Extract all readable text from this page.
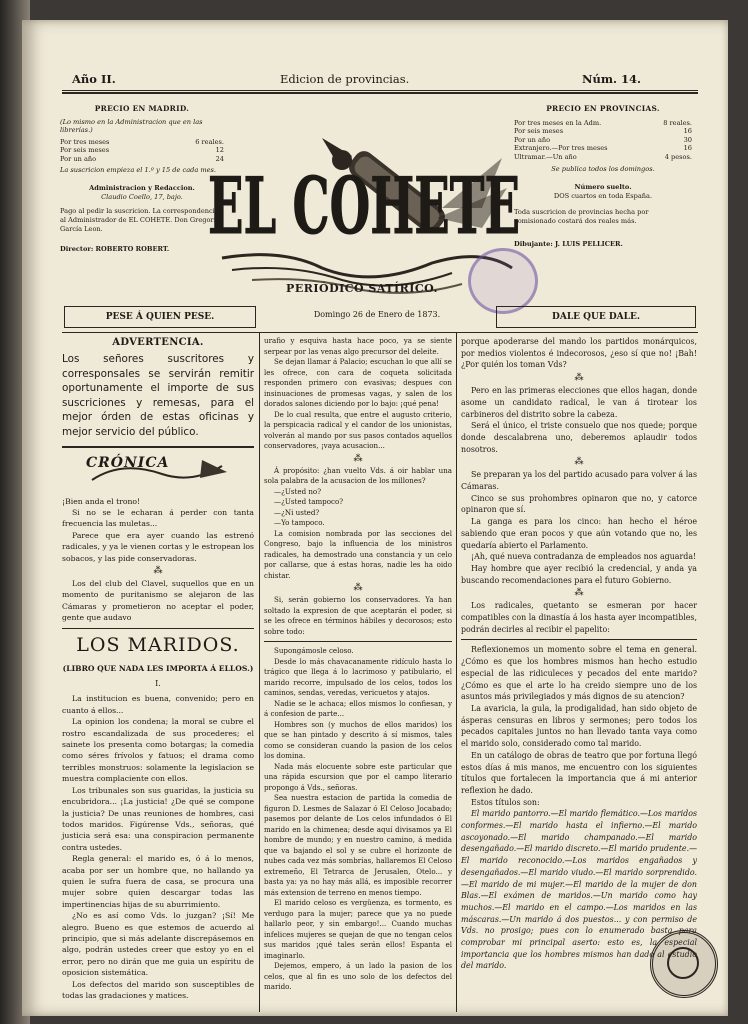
Año II.	Edicion de provincias.	Núm. 14.
PRECIO EN MADRID.
(Lo mismo en la Administracion que en las librerías.)
Por tres meses	6 reales.
Por seis meses	12
Por un año	24
La suscricion empieza el 1.º y 15 de cada mes.
Administracion y Redaccion.
Claudio Coello, 17, bajo.
Pago al pedir la suscricion. La correspondencia al Administrador de EL COHETE. Don Gregorio García Leon.
Director: ROBERTO ROBERT. EL COHETE
PERIÓDICO SATÍRICO.
PRECIO EN PROVINCIAS.
Por tres meses en la Adm.	8 reales.
Por seis meses	16
Por un año	30
Extranjero.—Por tres meses	16
Ultramar.—Un año	4 pesos.
Se publica todos los domingos.
Número suelto.
DOS cuartos en toda España.
Toda suscricion de provincias hecha por comisionado costará dos reales más.
Dibujante: J. LUIS PELLICER.
PESE Á QUIEN PESE.	Domingo 26 de Enero de 1873.	DALE QUE DALE.
ADVERTENCIA.
Los señores suscritores y corresponsales se servirán remitir oportunamente el importe de sus suscriciones y remesas, para el mejor órden de estas oficinas y mejor servicio del público.
CRÓNICA

¡Bien anda el trono!

Si no se le echaran á perder con tanta frecuencia las muletas...

Parece que era ayer cuando las estrenó radicales, y ya le vienen cortas y le estropean los sobacos, y las pide conservadoras.

⁂

Los del club del Clavel, suquellos que en un momento de puritanismo se alejaron de las Cámaras y prometieron no aceptar el poder, gente que audavo

LOS MARIDOS.
(LIBRO QUE NADA LES IMPORTA Á ELLOS.)
I.

La institucion es buena, convenido; pero en cuanto á ellos...

La opinion los condena; la moral se cubre el rostro escandalizada de sus procederes; el sainete los presenta como botargas; la comedia como séres frívolos y fatuos; el drama como terribles monstruos: solamente la legislacion se muestra complaciente con ellos.

Los tribunales son sus guaridas, la justicia su encubridora... ¡La justicia! ¿De qué se compone la justicia? De unas reuniones de hombres, casi todos maridos. Figúrense Vds., señoras, qué justicia será esa: una conspiracion permanente contra ustedes.

Regla general: el marido es, ó á lo menos, acaba por ser un hombre que, no hallando ya quien le sufra fuera de casa, se procura una mujer sobre quien descargar todas las impertinencias hijas de su aburrimiento.

¿No es así como Vds. lo juzgan? ¡Sí! Me alegro. Bueno es que estemos de acuerdo al principio, que si más adelante discrepásemos en algo, podrán ustedes creer que estoy yo en el error, pero no dirán que me guia un espíritu de oposicion sistemática.

Los defectos del marido son susceptibles de todas las gradaciones y matices.

urafio y esquiva hasta hace poco, ya se siente serpear por las venas algo precursor del deleite.

Se dejan llamar á Palacio; escuchan lo que allí se les ofrece, con cara de coqueta solicitada responden primero con evasivas; despues con insinuaciones de promesas vagas, y salen de los dorados salones diciendo por lo bajo: ¡qué pena!

De lo cual resulta, que entre el augusto criterio, la perspicacia radical y el candor de los unionistas, volverán al mando por sus pasos contados aquellos conservadores, ¡vaya acusacion...

⁂

Á propósito: ¿han vuelto Vds. á oir hablar una sola palabra de la acusacion de los millones?

—¿Usted no?

—¿Usted tampoco?

—¿Ni usted?

—Yo tampoco.

La comision nombrada por las secciones del Congreso, bajo la influencia de los ministros radicales, ha demostrado una constancia y un celo por callarse, que á estas horas, nadie les ha oido chistar.

⁂

Si, serán gobierno los conservadores. Ya han soltado la expresion de que aceptarán el poder, si se les ofrece en términos hábiles y decorosos; esto sobre todo:

Supongámosle celoso.

Desde lo más chavacanamente ridículo hasta lo trágico que llega á lo lacrimoso y patibulario, el marido recorre, impulsado de los celos, todos los caminos, sendas, veredas, vericuetos y atajos.

Nadie se le achaca; ellos mismos lo confiesan, y á confesion de parte...

Hombres son (y muchos de ellos maridos) los que se han pintado y descrito á sí mismos, tales como se consideran cuando la pasion de los celos los domina.

Nada más elocuente sobre este particular que una rápida escursion que por el campo literario propongo á Vds., señoras.

Sea nuestra estacion de partida la comedia de figuron D. Lesmes de Salazar ó El Celoso Jocabado; pasemos por delante de Los celos infundados ó El marido en la chimenea; desde aquí divisamos ya El hombre de mundo; y en nuestro camino, á medida que va bajando el sol y se cubre el horizonte de nubes cada vez más sombrías, hallaremos El Celoso extremeño, El Tetrarca de Jerusalen, Otelo... y basta ya: ya no hay más allá, es imposible recorrer más extension de terreno en menos tiempo.

El marido celoso es vergüenza, es tormento, es verdugo para la mujer; parece que ya no puede hallarlo peor, y sin embargo!... Cuando muchas infelices mujeres se quejan de que no tengan celos sus maridos ¡qué tales serán ellos! Espanta el imaginarlo.

Dejemos, empero, á un lado la pasion de los celos, que al fin es uno solo de los defectos del marido.

porque apoderarse del mando los partidos monárquicos, por medios violentos é indecorosos, ¿eso sí que no! ¡Bah! ¿Por quién los toman Vds?

⁂

Pero en las primeras elecciones que ellos hagan, donde asome un candidato radical, le van á tirotear los carbineros del distrito sobre la cabeza.

Será el único, el triste consuelo que nos quede; porque donde descalabrena uno, deberemos aplaudir todos nosotros.

⁂

Se preparan ya los del partido acusado para volver á las Cámaras.

Cinco se sus prohombres opinaron que no, y catorce opinaron que sí.

La ganga es para los cinco: han hecho el héroe sabiendo que eran pocos y que aún votando que no, les quedaría abierto el Parlamento.

¡Ah, qué nueva contradanza de empleados nos aguarda!

Hay hombre que ayer recibió la credencial, y anda ya buscando recomendaciones para el futuro Gobierno.

⁂

Los radicales, quetanto se esmeran por hacer compatibles con la dinastía á los hasta ayer incompatibles, podrán decirles al recibir el papelito:

Reflexionemos un momento sobre el tema en general. ¿Cómo es que los hombres mismos han hecho estudio especial de las ridiculeces y pecados del ente marido? ¿Cómo es que el arte lo ha creido siempre uno de los asuntos más privilegiados y más dignos de su atencion?

La avaricia, la gula, la prodigalidad, han sido objeto de ásperas censuras en libros y sermones; pero todos los pecados capitales juntos no han llevado tanta vaya como el marido solo, considerado como tal marido.

En un catálogo de obras de teatro que por fortuna llegó estos días á mis manos, me encuentro con los siguientes títulos que fortalecen la importancia que á mi anterior reflexion he dado.

Estos títulos son:

El marido pantorro.—El marido flemático.—Los maridos conformes.—El marido hasta el infierno.—El marido ascoyonado.—El marido champanado.—El marido desengañado.—El marido discreto.—El marido prudente.—El marido reconocido.—Los maridos engañados y desengañados.—El marido viudo.—El marido sorprendido.—El marido de mi mujer.—El marido de la mujer de don Blas.—El exámen de maridos.—Un marido como hay muchos.—El marido en el campo.—Los maridos en las máscaras.—Un marido á dos puestos... y con permiso de Vds. no prosigo; pues con lo enumerado basta para comprobar mi principal aserto: esto es, la especial importancia que los hombres mismos han dado al estudio del marido.
